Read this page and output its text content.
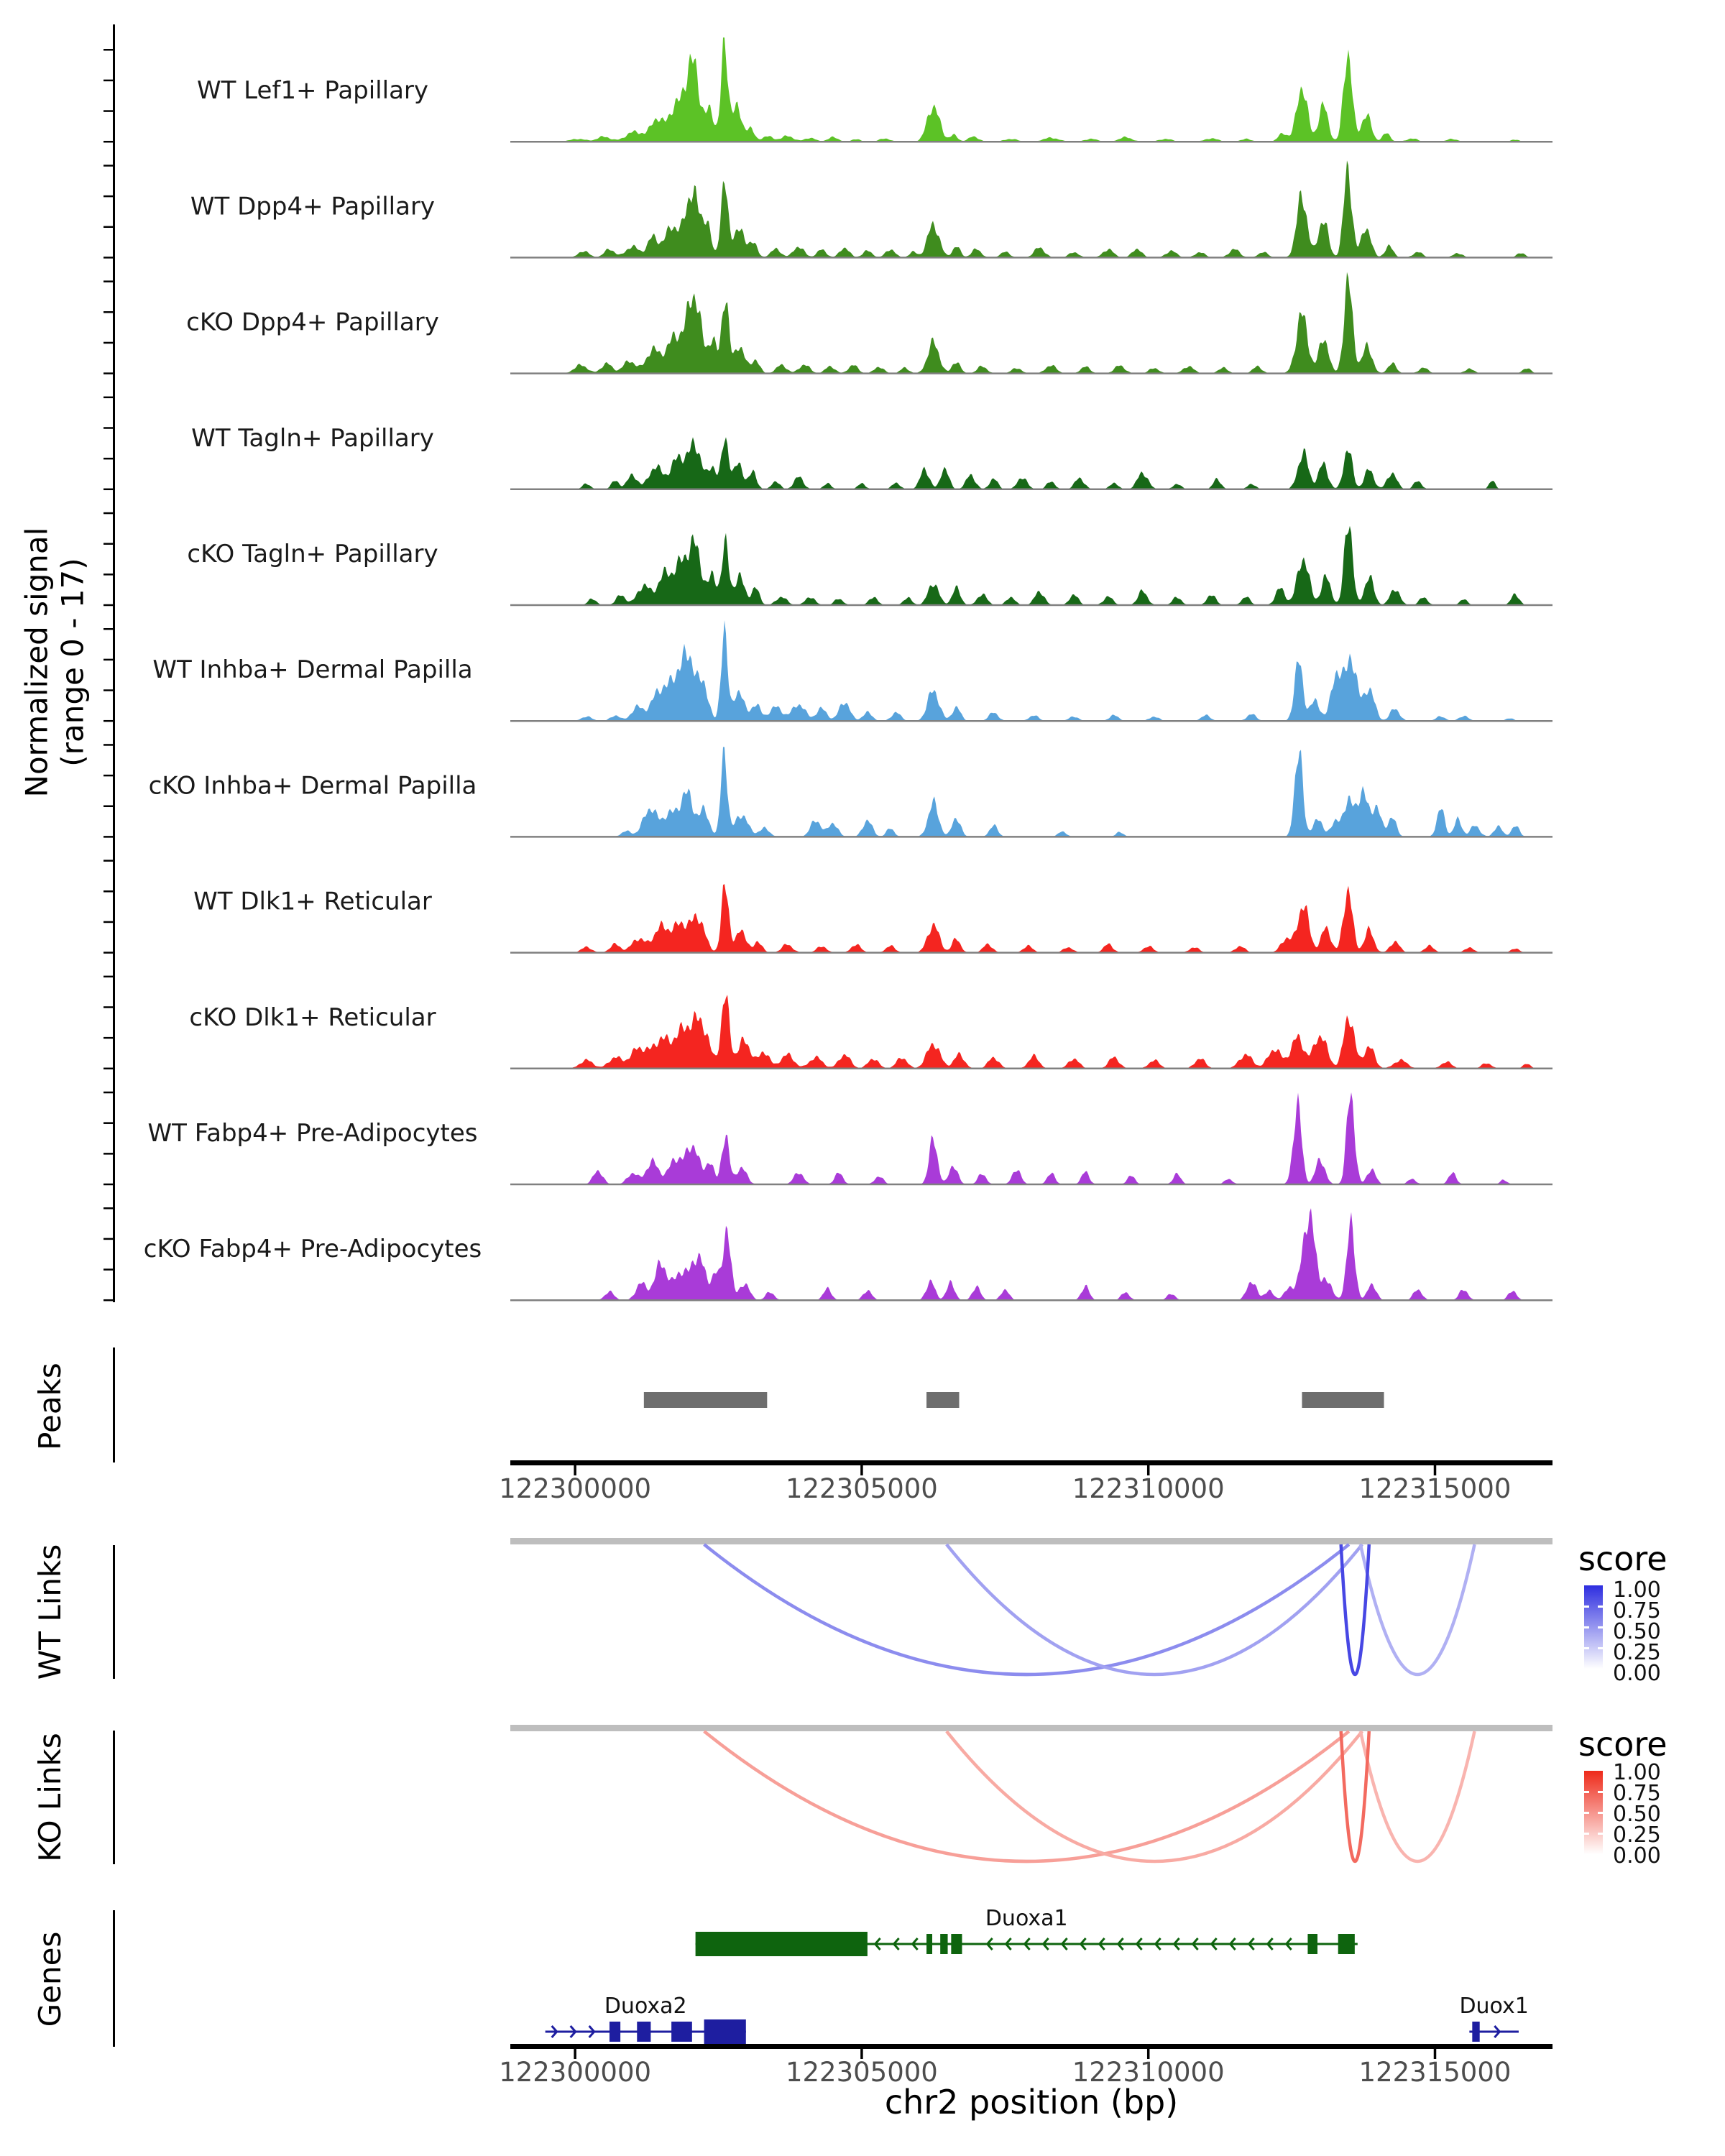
WT Lef1+ Papillary
WT Dpp4+ Papillary
cKO Dpp4+ Papillary
WT Tagln+ Papillary
cKO Tagln+ Papillary
WT Inhba+ Dermal Papilla
cKO Inhba+ Dermal Papilla
WT Dlk1+ Reticular
cKO Dlk1+ Reticular
WT Fabp4+ Pre-Adipocytes
cKO Fabp4+ Pre-Adipocytes
122300000	122305000	122310000	122315000
122300000	122305000	122310000	122315000
Duoxa1
Duoxa2	Duox1
Normalized signal (range 0 - 17)
Peaks
WT Links
KO Links
Genes
score
1.00
0.75
0.50
0.25
0.00
score
1.00
0.75
0.50
0.25
0.00
chr2 position (bp)
